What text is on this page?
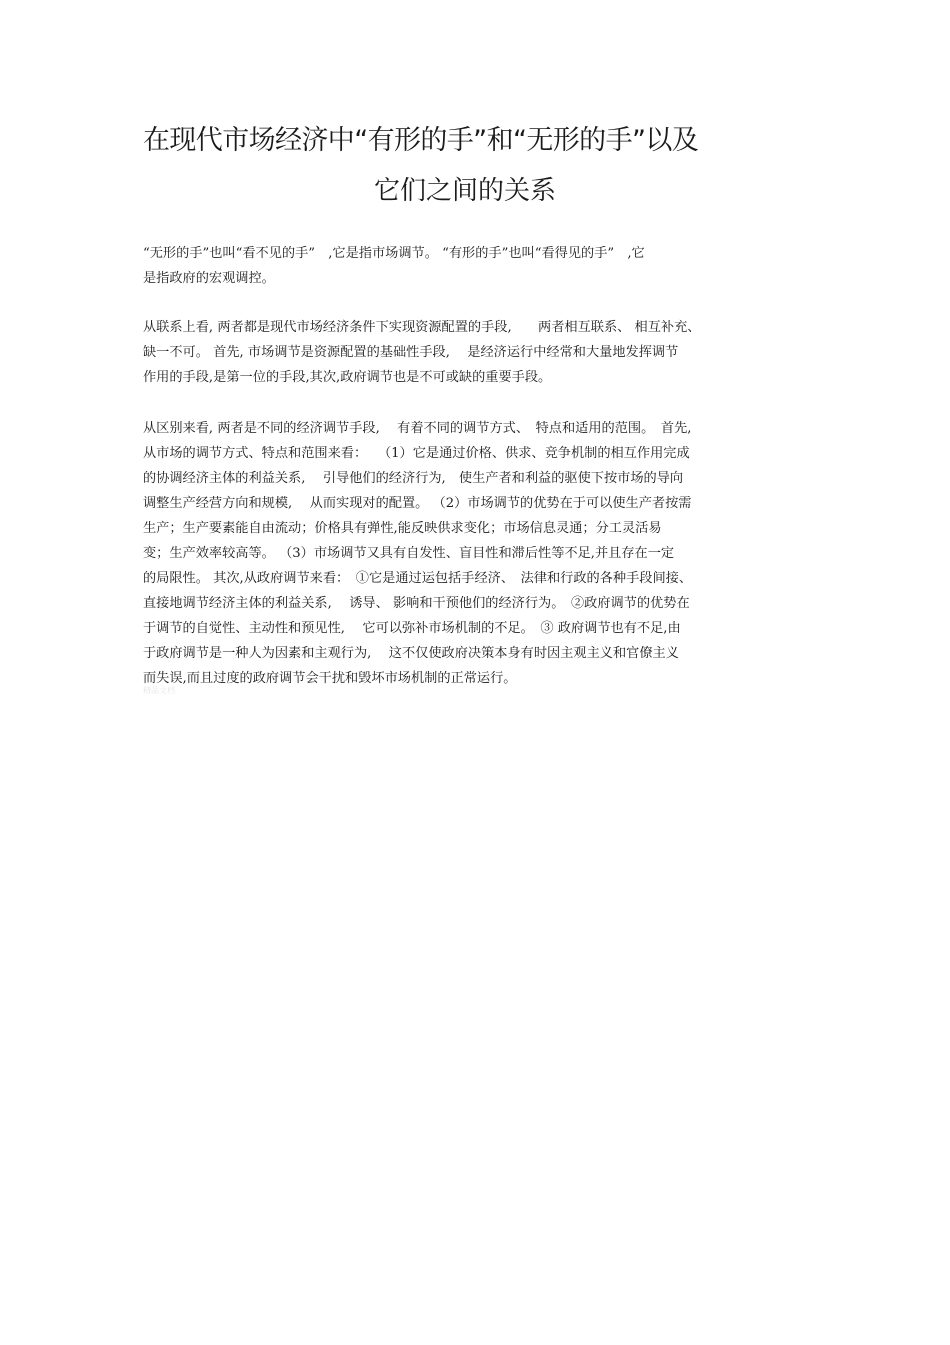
在现代市场经济中“有形的手”和“无形的手”以及
它们之间的关系
“无形的手”也叫“看不见的手”　,它是指市场调节。 “有形的手”也叫“看得见的手”　,它
是指政府的宏观调控。
从联系上看, 两者都是现代市场经济条件下实现资源配置的手段,　　两者相互联系、 相互补充、
缺一不可。 首先, 市场调节是资源配置的基础性手段,　 是经济运行中经常和大量地发挥调节
作用的手段,是第一位的手段,其次,政府调节也是不可或缺的重要手段。
从区别来看, 两者是不同的经济调节手段,　 有着不同的调节方式、　特点和适用的范围。　首先,
从市场的调节方式、特点和范围来看：　 （1）它是通过价格、供求、竞争机制的相互作用完成
的协调经济主体的利益关系,　 引导他们的经济行为,　使生产者和利益的驱使下按市场的导向
调整生产经营方向和规模,　 从而实现对的配置。 （2）市场调节的优势在于可以使生产者按需
生产；生产要素能自由流动；价格具有弹性,能反映供求变化；市场信息灵通；分工灵活易
变；生产效率较高等。 （3）市场调节又具有自发性、盲目性和滞后性等不足,并且存在一定
的局限性。 其次,从政府调节来看：　①它是通过运包括手经济、　法律和行政的各种手段间接、
直接地调节经济主体的利益关系,　 诱导、 影响和干预他们的经济行为。　②政府调节的优势在
于调节的自觉性、主动性和预见性,　 它可以弥补市场机制的不足。　③ 政府调节也有不足,由
于政府调节是一种人为因素和主观行为,　 这不仅使政府决策本身有时因主观主义和官僚主义
而失误,而且过度的政府调节会干扰和毁坏市场机制的正常运行。
精品文档
